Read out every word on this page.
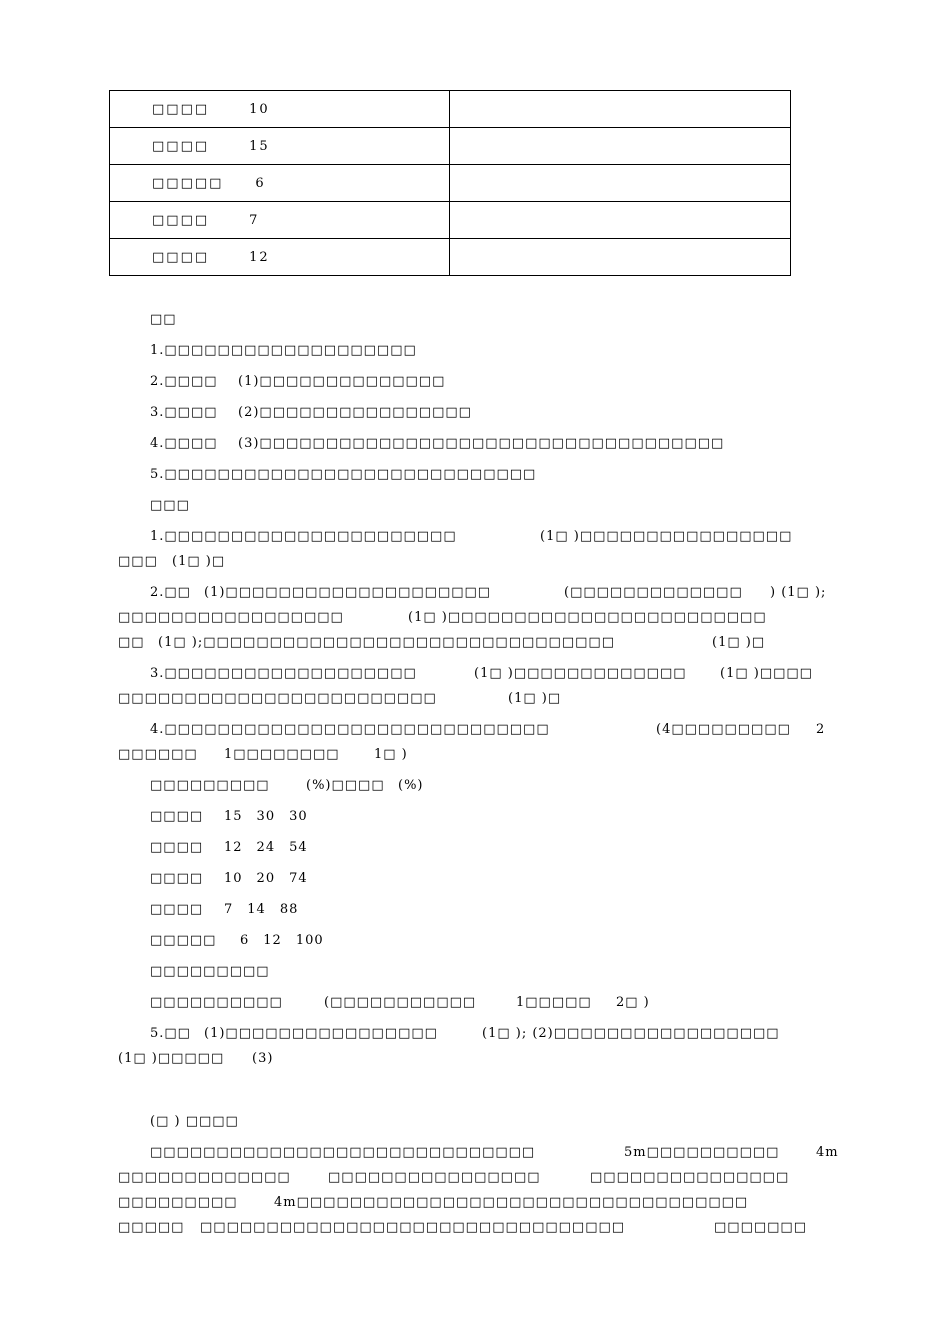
□□□□ 10	
□□□□ 15	
□□□□□ 6	
□□□□ 7	
□□□□ 12	
□□
1.□□□□□□□□□□□□□□□□□□□
2.□□□□ (1)□□□□□□□□□□□□□□
3.□□□□ (2)□□□□□□□□□□□□□□□□
4.□□□□ (3)□□□□□□□□□□□□□□□□□□□□□□□□□□□□□□□□□□□
5.□□□□□□□□□□□□□□□□□□□□□□□□□□□□
□□□
1.□□□□□□□□□□□□□□□□□□□□□□	(1□ )□□□□□□□□□□□□□□□□
□□□ (1□ )□
2.□□ (1)□□□□□□□□□□□□□□□□□□□□	(□□□□□□□□□□□□□ ) (1□ );
□□□□□□□□□□□□□□□□□	(1□ )□□□□□□□□□□□□□□□□□□□□□□□□
□□ (1□ );□□□□□□□□□□□□□□□□□□□□□□□□□□□□□□□	(1□ )□
3.□□□□□□□□□□□□□□□□□□□	(1□ )□□□□□□□□□□□□□	(1□ )□□□□
□□□□□□□□□□□□□□□□□□□□□□□□	(1□ )□
4.□□□□□□□□□□□□□□□□□□□□□□□□□□□□□	(4□□□□□□□□□ 2
□□□□□□ 1□□□□□□□□	1□ )
□□□□□□□□□	(%)□□□□ (%)
□□□□ 15　30　30
□□□□ 12　24　54
□□□□ 10　20　74
□□□□ 7　14　88
□□□□□ 6　12　100
□□□□□□□□□
□□□□□□□□□□	(□□□□□□□□□□□	1□□□□□ 2□ )
5.□□ (1)□□□□□□□□□□□□□□□□	(1□ ); (2)□□□□□□□□□□□□□□□□□
(1□ )□□□□□ (3)
(□ ) □□□□
□□□□□□□□□□□□□□□□□□□□□□□□□□□□□	5m□□□□□□□□□□	4m
□□□□□□□□□□□□□	□□□□□□□□□□□□□□□□	□□□□□□□□□□□□□□□
□□□□□□□□□	4m□□□□□□□□□□□□□□□□□□□□□□□□□□□□□□□□□□
□□□□□ □□□□□□□□□□□□□□□□□□□□□□□□□□□□□□□□	□□□□□□□
